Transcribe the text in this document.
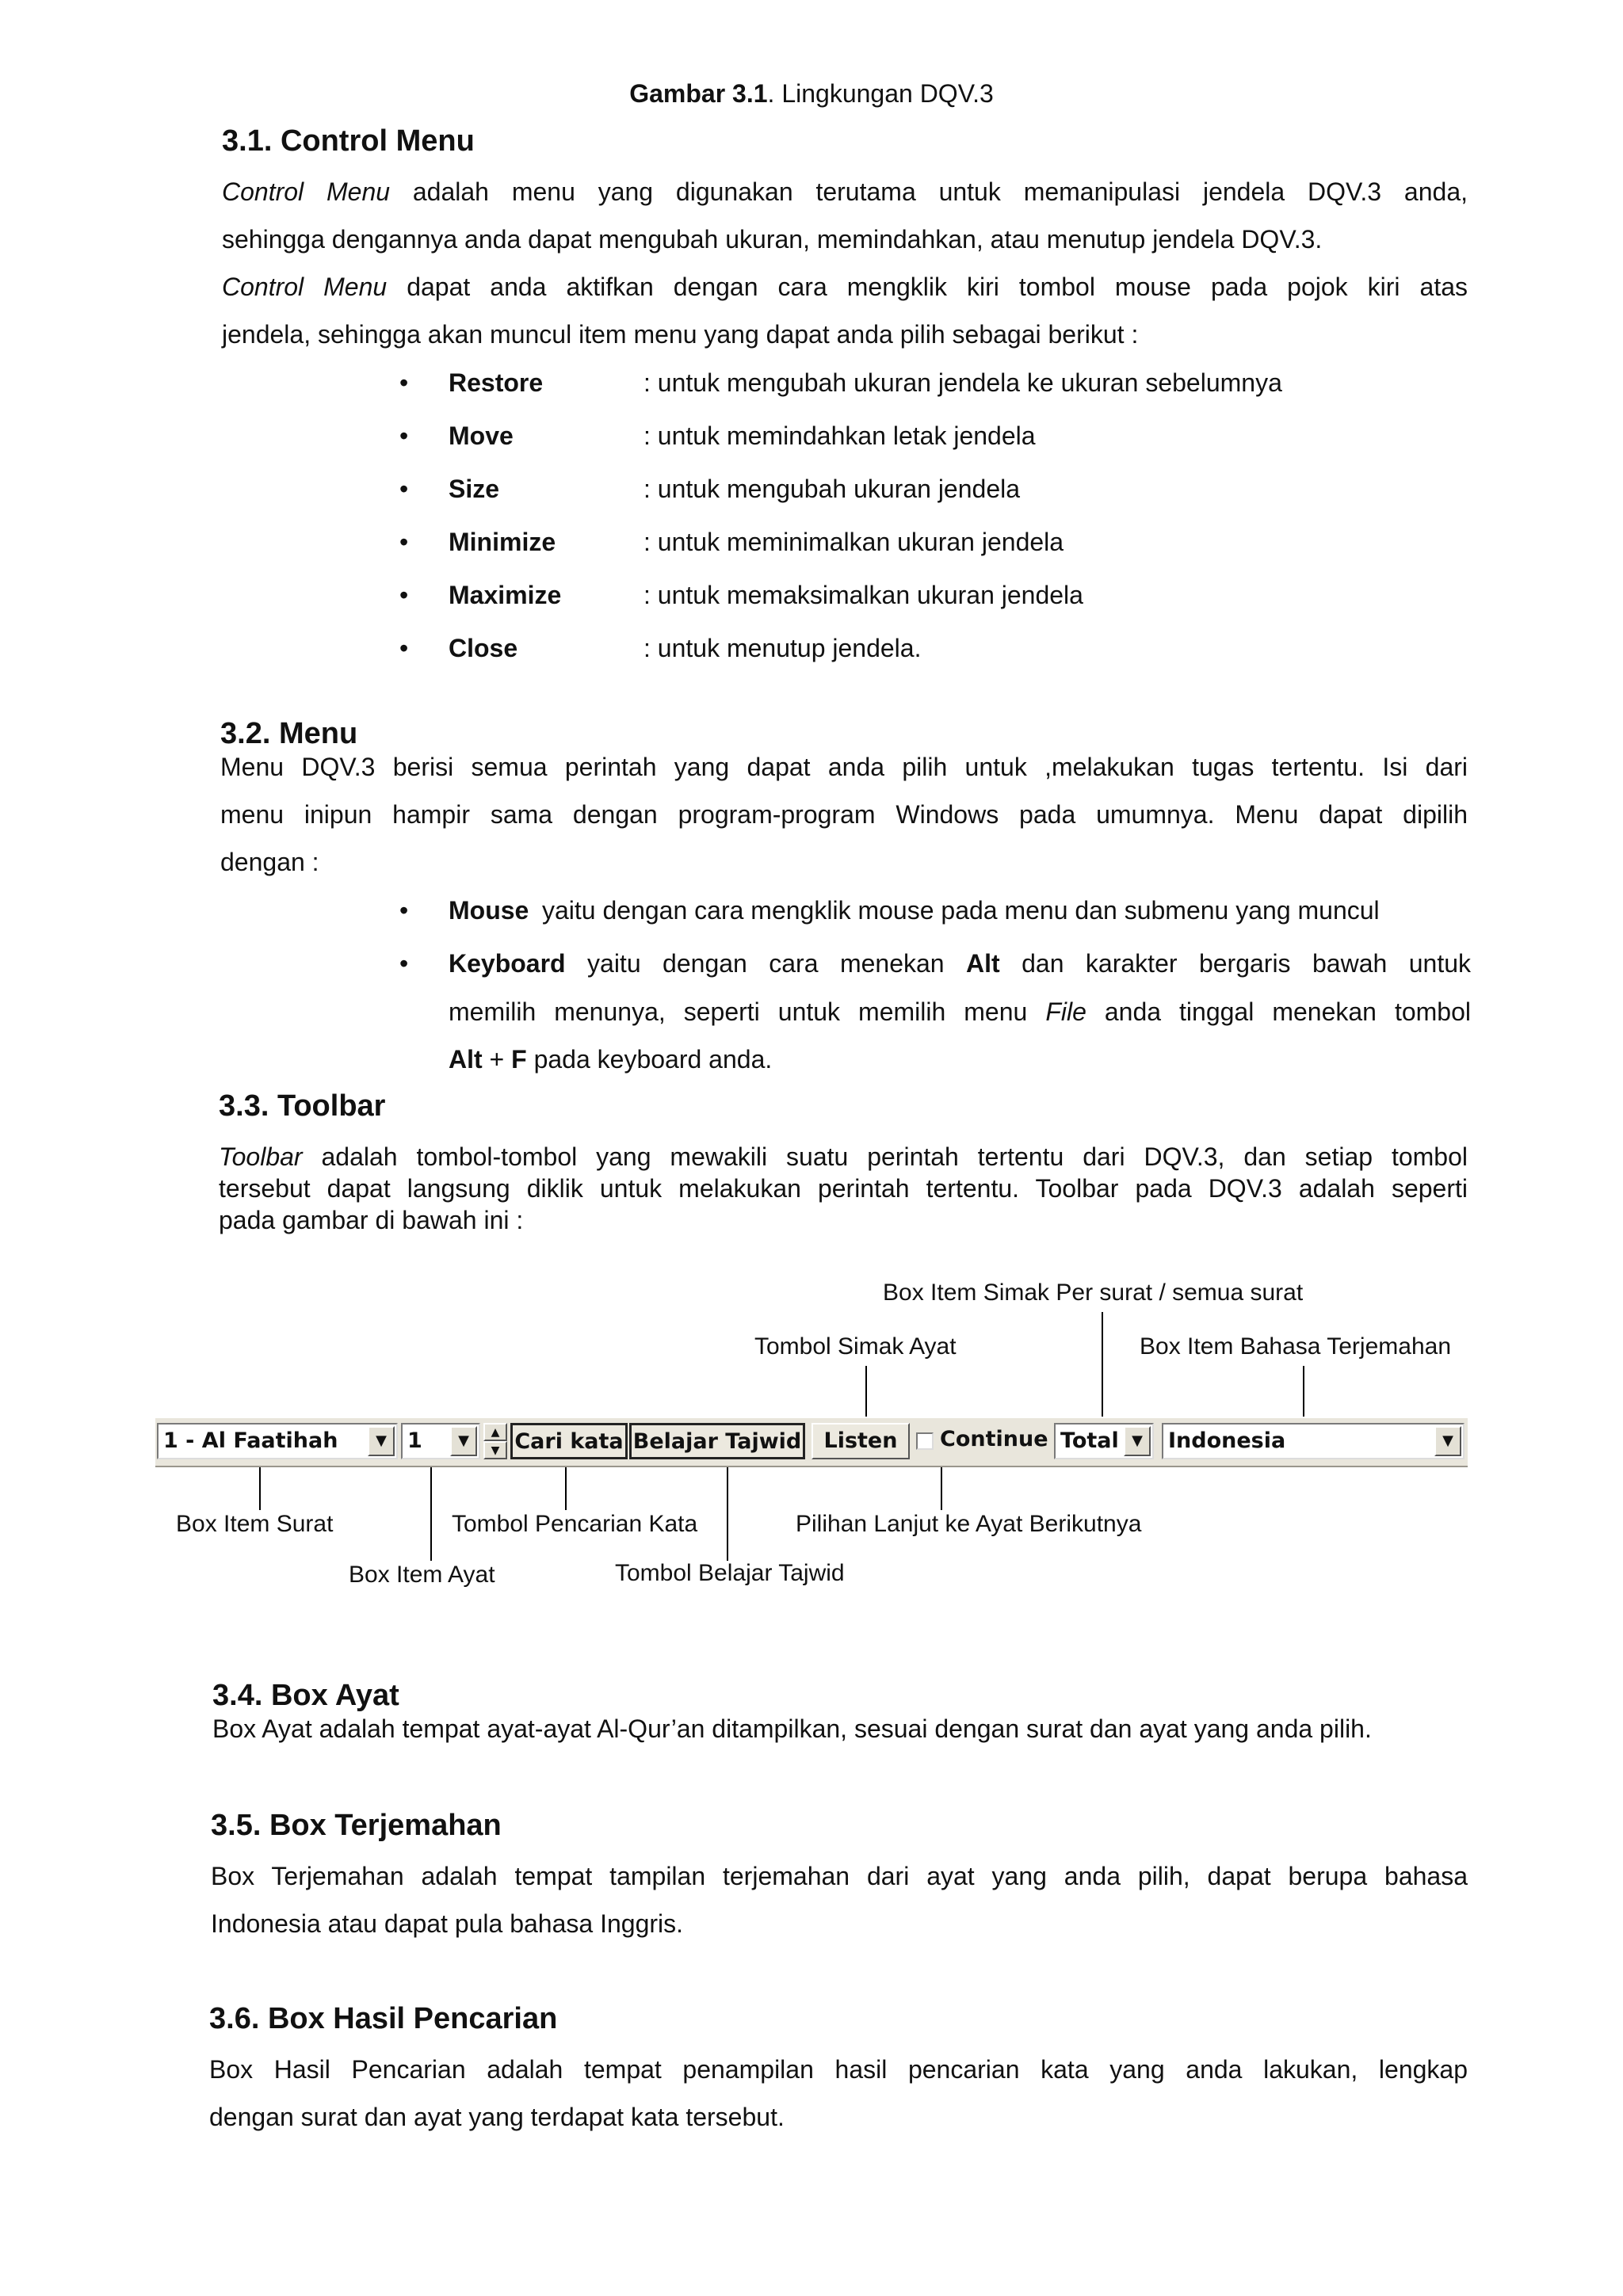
Gambar 3.1. Lingkungan DQV.3
3.1. Control Menu
Control Menu adalah menu yang digunakan terutama untuk memanipulasi jendela DQV.3 anda,
sehingga dengannya anda dapat mengubah ukuran, memindahkan, atau menutup jendela DQV.3.
Control Menu dapat anda aktifkan dengan cara mengklik kiri tombol mouse pada pojok kiri atas
jendela, sehingga akan muncul item menu yang dapat anda pilih sebagai berikut :
• Restore	: untuk mengubah ukuran jendela ke ukuran sebelumnya
• Move	: untuk memindahkan letak jendela
• Size	: untuk mengubah ukuran jendela
• Minimize	: untuk meminimalkan ukuran jendela
• Maximize	: untuk memaksimalkan ukuran jendela
• Close	: untuk menutup jendela.
3.2. Menu
Menu DQV.3 berisi semua perintah yang dapat anda pilih untuk ,melakukan tugas tertentu. Isi dari
menu inipun hampir sama dengan program-program Windows pada umumnya. Menu dapat dipilih
dengan :
• Mouse yaitu dengan cara mengklik mouse pada menu dan submenu yang muncul
• Keyboard yaitu dengan cara menekan Alt dan karakter bergaris bawah untuk
memilih menunya, seperti untuk memilih menu File anda tinggal menekan tombol
Alt + F pada keyboard anda.
3.3. Toolbar
Toolbar adalah tombol-tombol yang mewakili suatu perintah tertentu dari DQV.3, dan setiap tombol
tersebut dapat langsung diklik untuk melakukan perintah tertentu. Toolbar pada DQV.3 adalah seperti
pada gambar di bawah ini :
Box Item Simak Per surat / semua surat
Tombol Simak Ayat	Box Item Bahasa Terjemahan
1 - Al Faatihah	▼ 1	▼	▲
▼ Cari kata Belajar Tajwid	Listen	Continue Total ▼	Indonesia	▼
Box Item Surat	Tombol Pencarian Kata	Pilihan Lanjut ke Ayat Berikutnya
Box Item Ayat	Tombol Belajar Tajwid
3.4. Box Ayat
Box Ayat adalah tempat ayat-ayat Al-Qur’an ditampilkan, sesuai dengan surat dan ayat yang anda pilih.
3.5. Box Terjemahan
Box Terjemahan adalah tempat tampilan terjemahan dari ayat yang anda pilih, dapat berupa bahasa
Indonesia atau dapat pula bahasa Inggris.
3.6. Box Hasil Pencarian
Box Hasil Pencarian adalah tempat penampilan hasil pencarian kata yang anda lakukan, lengkap
dengan surat dan ayat yang terdapat kata tersebut.
